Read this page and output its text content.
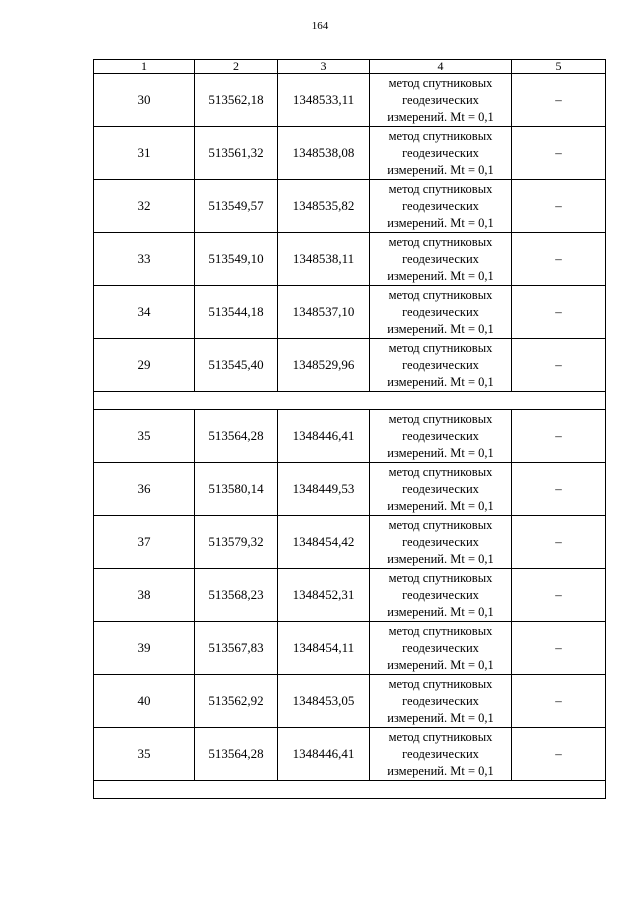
164
1	2	3	4	5
30	513562,18	1348533,11	метод спутниковых
геодезических
измерений. Mt = 0,1	–
31	513561,32	1348538,08	метод спутниковых
геодезических
измерений. Mt = 0,1	–
32	513549,57	1348535,82	метод спутниковых
геодезических
измерений. Mt = 0,1	–
33	513549,10	1348538,11	метод спутниковых
геодезических
измерений. Mt = 0,1	–
34	513544,18	1348537,10	метод спутниковых
геодезических
измерений. Mt = 0,1	–
29	513545,40	1348529,96	метод спутниковых
геодезических
измерений. Mt = 0,1	–

35	513564,28	1348446,41	метод спутниковых
геодезических
измерений. Mt = 0,1	–
36	513580,14	1348449,53	метод спутниковых
геодезических
измерений. Mt = 0,1	–
37	513579,32	1348454,42	метод спутниковых
геодезических
измерений. Mt = 0,1	–
38	513568,23	1348452,31	метод спутниковых
геодезических
измерений. Mt = 0,1	–
39	513567,83	1348454,11	метод спутниковых
геодезических
измерений. Mt = 0,1	–
40	513562,92	1348453,05	метод спутниковых
геодезических
измерений. Mt = 0,1	–
35	513564,28	1348446,41	метод спутниковых
геодезических
измерений. Mt = 0,1	–
